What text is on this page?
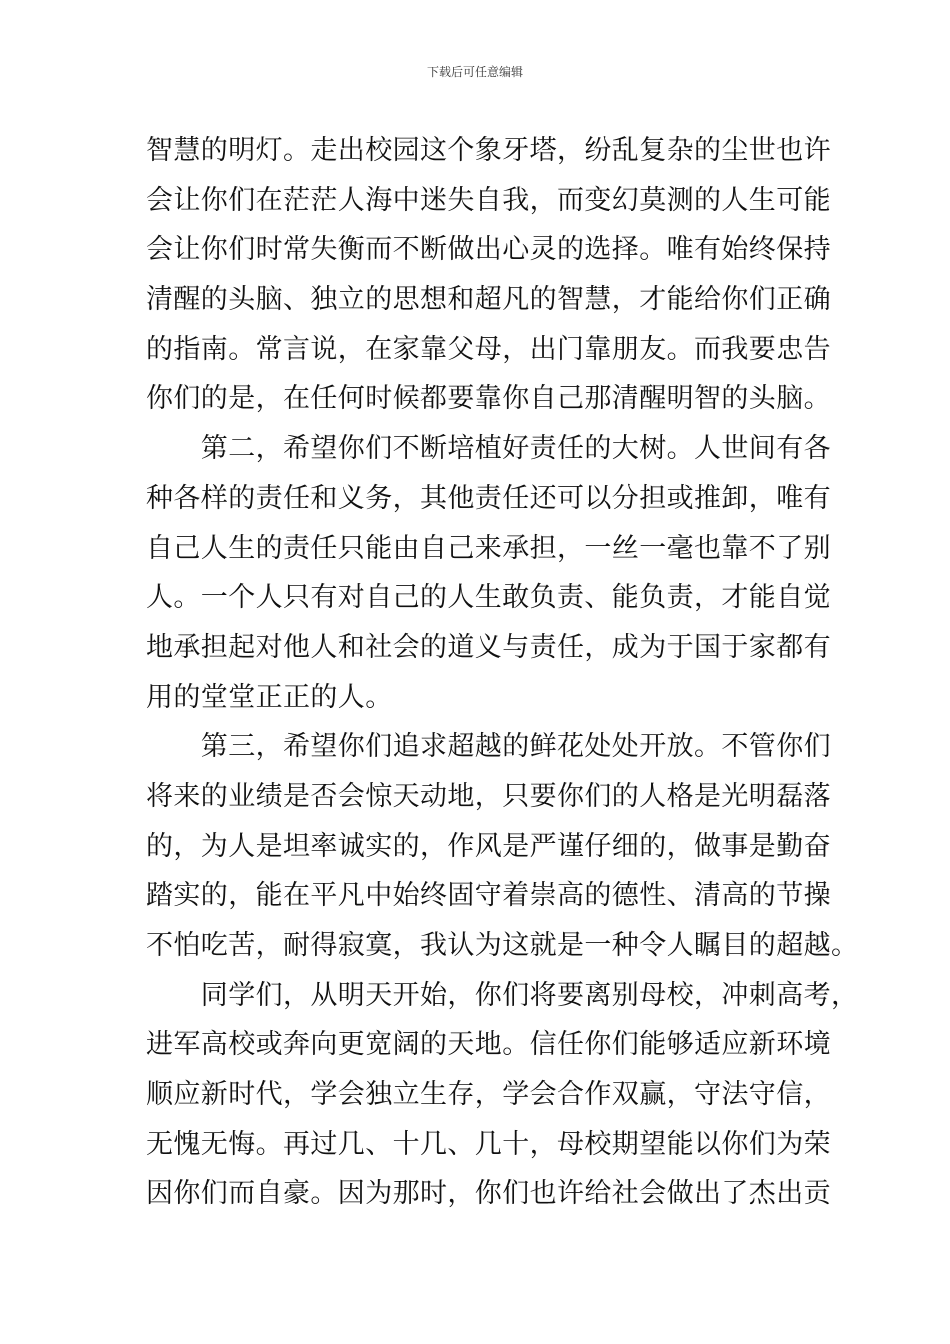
下载后可任意编辑
智慧的明灯。走出校园这个象牙塔，纷乱复杂的尘世也许
会让你们在茫茫人海中迷失自我，而变幻莫测的人生可能
会让你们时常失衡而不断做出心灵的选择。唯有始终保持
清醒的头脑、独立的思想和超凡的智慧，才能给你们正确
的指南。常言说，在家靠父母，出门靠朋友。而我要忠告
你们的是，在任何时候都要靠你自己那清醒明智的头脑。
　　第二，希望你们不断培植好责任的大树。人世间有各
种各样的责任和义务，其他责任还可以分担或推卸，唯有
自己人生的责任只能由自己来承担，一丝一毫也靠不了别
人。一个人只有对自己的人生敢负责、能负责，才能自觉
地承担起对他人和社会的道义与责任，成为于国于家都有
用的堂堂正正的人。
　　第三，希望你们追求超越的鲜花处处开放。不管你们
将来的业绩是否会惊天动地，只要你们的人格是光明磊落
的，为人是坦率诚实的，作风是严谨仔细的，做事是勤奋
踏实的，能在平凡中始终固守着崇高的德性、清高的节操
不怕吃苦，耐得寂寞，我认为这就是一种令人瞩目的超越。
　　同学们，从明天开始，你们将要离别母校，冲刺高考，
进军高校或奔向更宽阔的天地。信任你们能够适应新环境
顺应新时代，学会独立生存，学会合作双赢，守法守信，
无愧无悔。再过几、十几、几十，母校期望能以你们为荣
因你们而自豪。因为那时，你们也许给社会做出了杰出贡
